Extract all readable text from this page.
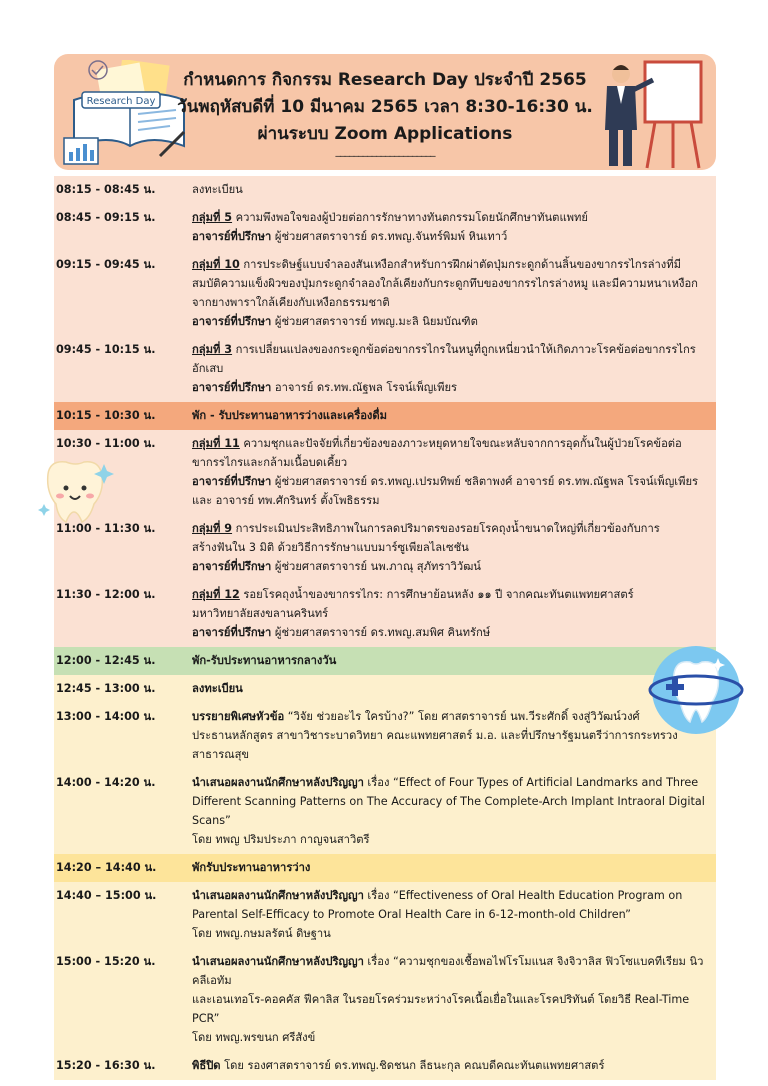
Research Day
กำหนดการ กิจกรรม Research Day ประจำปี 2565
วันพฤหัสบดีที่ 10 มีนาคม 2565 เวลา 8:30-16:30 น.
ผ่านระบบ Zoom Applications
______________________
08:15 - 08:45 น.	ลงทะเบียน
08:45 - 09:15 น.	กลุ่มที่ 5 ความพึงพอใจของผู้ป่วยต่อการรักษาทางทันตกรรมโดยนักศึกษาทันตแพทย์
อาจารย์ที่ปรึกษา ผู้ช่วยศาสตราจารย์ ดร.ทพญ.จันทร์พิมพ์ หินเทาว์
09:15 - 09:45 น.	กลุ่มที่ 10 การประดิษฐ์แบบจำลองสันเหงือกสำหรับการฝึกผ่าตัดปุ่มกระดูกด้านลิ้นของขากรรไกรล่างที่มี
สมบัติความแข็งผิวของปุ่มกระดูกจำลองใกล้เคียงกับกระดูกทึบของขากรรไกรล่างหมู และมีความหนาเหงือก
จากยางพาราใกล้เคียงกับเหงือกธรรมชาติ
อาจารย์ที่ปรึกษา ผู้ช่วยศาสตราจารย์ ทพญ.มะลิ นิยมบัณฑิต
09:45 - 10:15 น.	กลุ่มที่ 3 การเปลี่ยนแปลงของกระดูกข้อต่อขากรรไกรในหนูที่ถูกเหนี่ยวนำให้เกิดภาวะโรคข้อต่อขากรรไกรอักเสบ
อาจารย์ที่ปรึกษา อาจารย์ ดร.ทพ.ณัฐพล โรจน์เพ็ญเพียร
10:15 - 10:30 น.	พัก - รับประทานอาหารว่างและเครื่องดื่ม
10:30 - 11:00 น.	กลุ่มที่ 11 ความชุกและปัจจัยที่เกี่ยวข้องของภาวะหยุดหายใจขณะหลับจากการอุดกั้นในผู้ป่วยโรคข้อต่อ
ขากรรไกรและกล้ามเนื้อบดเคี้ยว
อาจารย์ที่ปรึกษา ผู้ช่วยศาสตราจารย์ ดร.ทพญ.เปรมทิพย์ ชลิตาพงศ์ อาจารย์ ดร.ทพ.ณัฐพล โรจน์เพ็ญเพียร
และ อาจารย์ ทพ.ศักรินทร์ ตั้งโพธิธรรม
11:00 - 11:30 น.	กลุ่มที่ 9 การประเมินประสิทธิภาพในการลดปริมาตรของรอยโรคถุงน้ำขนาดใหญ่ที่เกี่ยวข้องกับการ
สร้างฟันใน 3 มิติ ด้วยวิธีการรักษาแบบมาร์ซูเพียลไลเซชัน
อาจารย์ที่ปรึกษา ผู้ช่วยศาสตราจารย์ นพ.ภาณุ สุภัทราวิวัฒน์
11:30 - 12:00 น.	กลุ่มที่ 12 รอยโรคถุงน้ำของขากรรไกร: การศึกษาย้อนหลัง ๑๑ ปี จากคณะทันตแพทยศาสตร์
มหาวิทยาลัยสงขลานครินทร์
อาจารย์ที่ปรึกษา ผู้ช่วยศาสตราจารย์ ดร.ทพญ.สมพิศ คินทรักษ์
12:00 - 12:45 น.	พัก-รับประทานอาหารกลางวัน
12:45 - 13:00 น.	ลงทะเบียน
13:00 - 14:00 น.	บรรยายพิเศษหัวข้อ “วิจัย ช่วยอะไร ใครบ้าง?” โดย ศาสตราจารย์ นพ.วีระศักดิ์ จงสู่วิวัฒน์วงศ์
ประธานหลักสูตร สาขาวิชาระบาดวิทยา คณะแพทยศาสตร์ ม.อ. และที่ปรึกษารัฐมนตรีว่าการกระทรวงสาธารณสุข
14:00 - 14:20 น.	นำเสนอผลงานนักศึกษาหลังปริญญา เรื่อง “Effect of Four Types of Artificial Landmarks and Three
Different Scanning Patterns on The Accuracy of The Complete-Arch Implant Intraoral Digital Scans”
โดย ทพญ ปริมประภา กาญจนสาวิตรี
14:20 – 14:40 น.	พักรับประทานอาหารว่าง
14:40 – 15:00 น.	นำเสนอผลงานนักศึกษาหลังปริญญา เรื่อง “Effectiveness of Oral Health Education Program on
Parental Self-Efficacy to Promote Oral Health Care in 6-12-month-old Children”
โดย ทพญ.กษมลรัตน์ ดิษฐาน
15:00 - 15:20 น.	นำเสนอผลงานนักศึกษาหลังปริญญา เรื่อง “ความชุกของเชื้อพอไฟโรโมแนส จิงจิวาลิส ฟิวโซแบคทีเรียม นิวคลีเอทัม
และเอนเทอโร-คอคคัส ฟีคาลิส ในรอยโรคร่วมระหว่างโรคเนื้อเยื่อในและโรคปริทันต์ โดยวิธี Real-Time PCR”
โดย ทพญ.พรขนก ศรีสังข์
15:20 - 16:30 น.	พิธีปิด โดย รองศาสตราจารย์ ดร.ทพญ.ชิดชนก ลีธนะกุล คณบดีคณะทันตแพทยศาสตร์
